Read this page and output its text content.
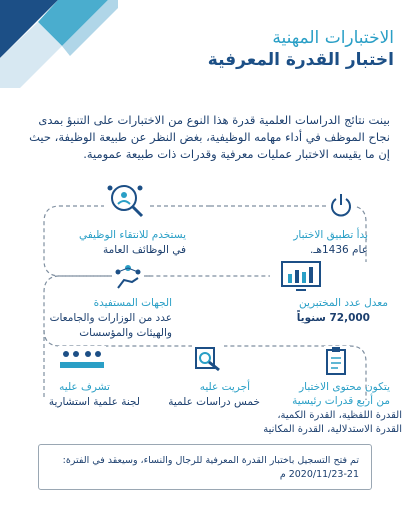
الاختبارات المهنية
اختبار القدرة المعرفية
بينت نتائج الدراسات العلمية قدرة هذا النوع من الاختبارات على التنبؤ بمدى نجاح الموظف في أداء مهامه الوظيفية، بغض النظر عن طبيعة الوظيفة، حيث إن ما يقيسه الاختبار عمليات معرفية وقدرات ذات طبيعة عمومية.
بدأ تطبيق الاختبار
عام 1436هـ.
يستخدم للانتقاء الوظيفي
في الوظائف العامة
معدل عدد المختبرين
72,000 سنوياً
الجهات المستفيدة
عدد من الوزارات والجامعات
والهيئات والمؤسسات
يتكون محتوى الاختبار
من أربع قدرات رئيسية
القدرة اللفظية، القدرة الكمية،
القدرة الاستدلالية، القدرة المكانية
أجريت عليه
خمس دراسات علمية
تشرف عليه
لجنة علمية استشارية
تم فتح التسجيل باختبار القدرة المعرفية للرجال والنساء، وسيعقد في الفترة:
2020/11/23-21 م
